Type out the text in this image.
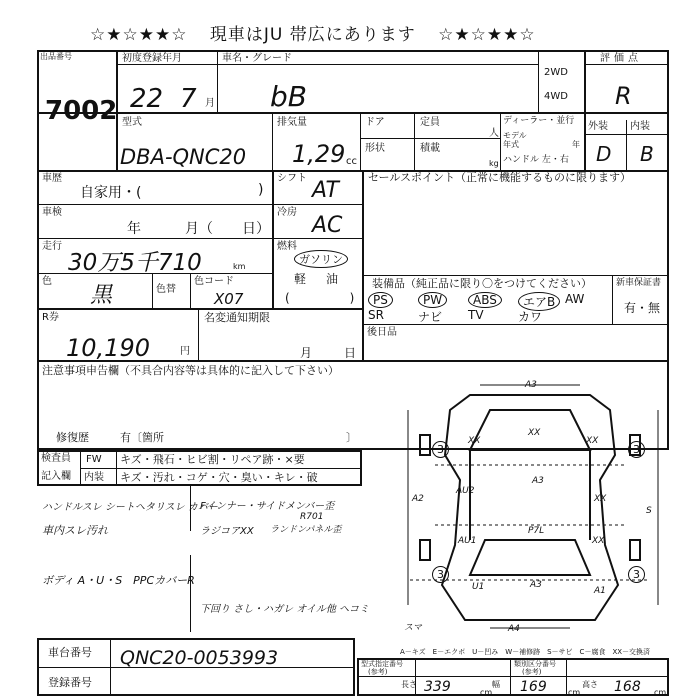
☆★☆★★☆ 現車はJU 帯広にあります ☆★☆★★☆
出品番号
7002
初度登録年月
22 7 月
車名・グレード
bB
2WD
4WD
評価点
R
型式
DBA-QNC20
排気量
1,29 cc
ドア
形状
定員
人
積載
kg
ディーラー・並行
モデル
年式	年
ハンドル 左・右
外装 内装
D B
車歴
自家用・(	)
シフト AT
車検
年	月（ 日）
冷房
AC
走行
30万5千710	km
燃料
ガソリン
軽 油
(　　　　　)
色
黒	色替
色コード
X07
R券
10,190	円
名変通知期限
月	日
セールスポイント（正常に機能するものに限ります）
装備品（純正品に限り〇をつけてください）	新車保証書
有・無
PS	PW	ABS	エアB AW
SR	ナビ TV	カワ
後日品
注意事項申告欄（不具合内容等は具体的に記入して下さい）
修復歴	有〔箇所	〕
検査員
記入欄
FW
内装
キズ・飛石・ヒビ割・リペア跡・×要
キズ・汚れ・コゲ・穴・臭い・キレ・破
ハンドルスレ シートヘタリスレ カバー
車内スレ汚れ
ボディ A・U・S　PPCカバーR
Fインナー・サイドメンバー歪
R701
ラジコアXX ランドンパネル歪
下回り さし・ハガレ オイル他 ヘコミ
A3
A4
A2
S
3	3
3	3
XX
XX
XX
AU2
A3
XX
AU1
P7L
XX
U1	A3
A1
スマ
車台番号 QNC20-0053993
登録番号
A－キズ　E－エクボ　U－凹み　W－補修跡　S－サビ　C－腐食　XX－交換済
型式指定番号
(参考)
類別区分番号
(参考)
長さ 339	cm
幅 169	cm
高さ 168 cm
